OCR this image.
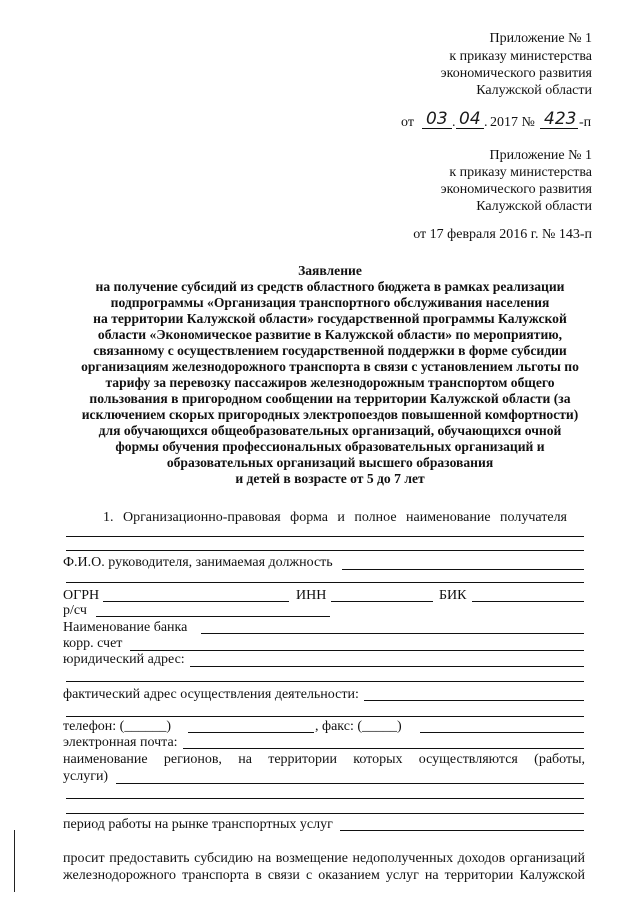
Приложение № 1
к приказу министерства
экономического развития
Калужской области
от 03 . 04 . 2017 № 423 -п
Приложение № 1
к приказу министерства
экономического развития
Калужской области
от 17 февраля 2016 г. № 143-п
Заявление
на получение субсидий из средств областного бюджета в рамках реализации
подпрограммы «Организация транспортного обслуживания населения
на территории Калужской области» государственной программы Калужской
области «Экономическое развитие в Калужской области» по мероприятию,
связанному с осуществлением государственной поддержки в форме субсидии
организациям железнодорожного транспорта в связи с установлением льготы по
тарифу за перевозку пассажиров железнодорожным транспортом общего
пользования в пригородном сообщении на территории Калужской области (за
исключением скорых пригородных электропоездов повышенной комфортности)
для обучающихся общеобразовательных организаций, обучающихся очной
формы обучения профессиональных образовательных организаций и
образовательных организаций высшего образования
и детей в возрасте от 5 до 7 лет
1. Организационно-правовая форма и полное наименование получателя
Ф.И.О. руководителя, занимаемая должность
ОГРН	ИНН	БИК
р/сч
Наименование банка
корр. счет
юридический адрес:
фактический адрес осуществления деятельности:
телефон: (______)	, факс: (_____)
электронная почта:
наименование регионов, на территории которых осуществляются (работы,
услуги)
период работы на рынке транспортных услуг
просит предоставить субсидию на возмещение недополученных доходов организаций
железнодорожного транспорта в связи с оказанием услуг на территории Калужской
